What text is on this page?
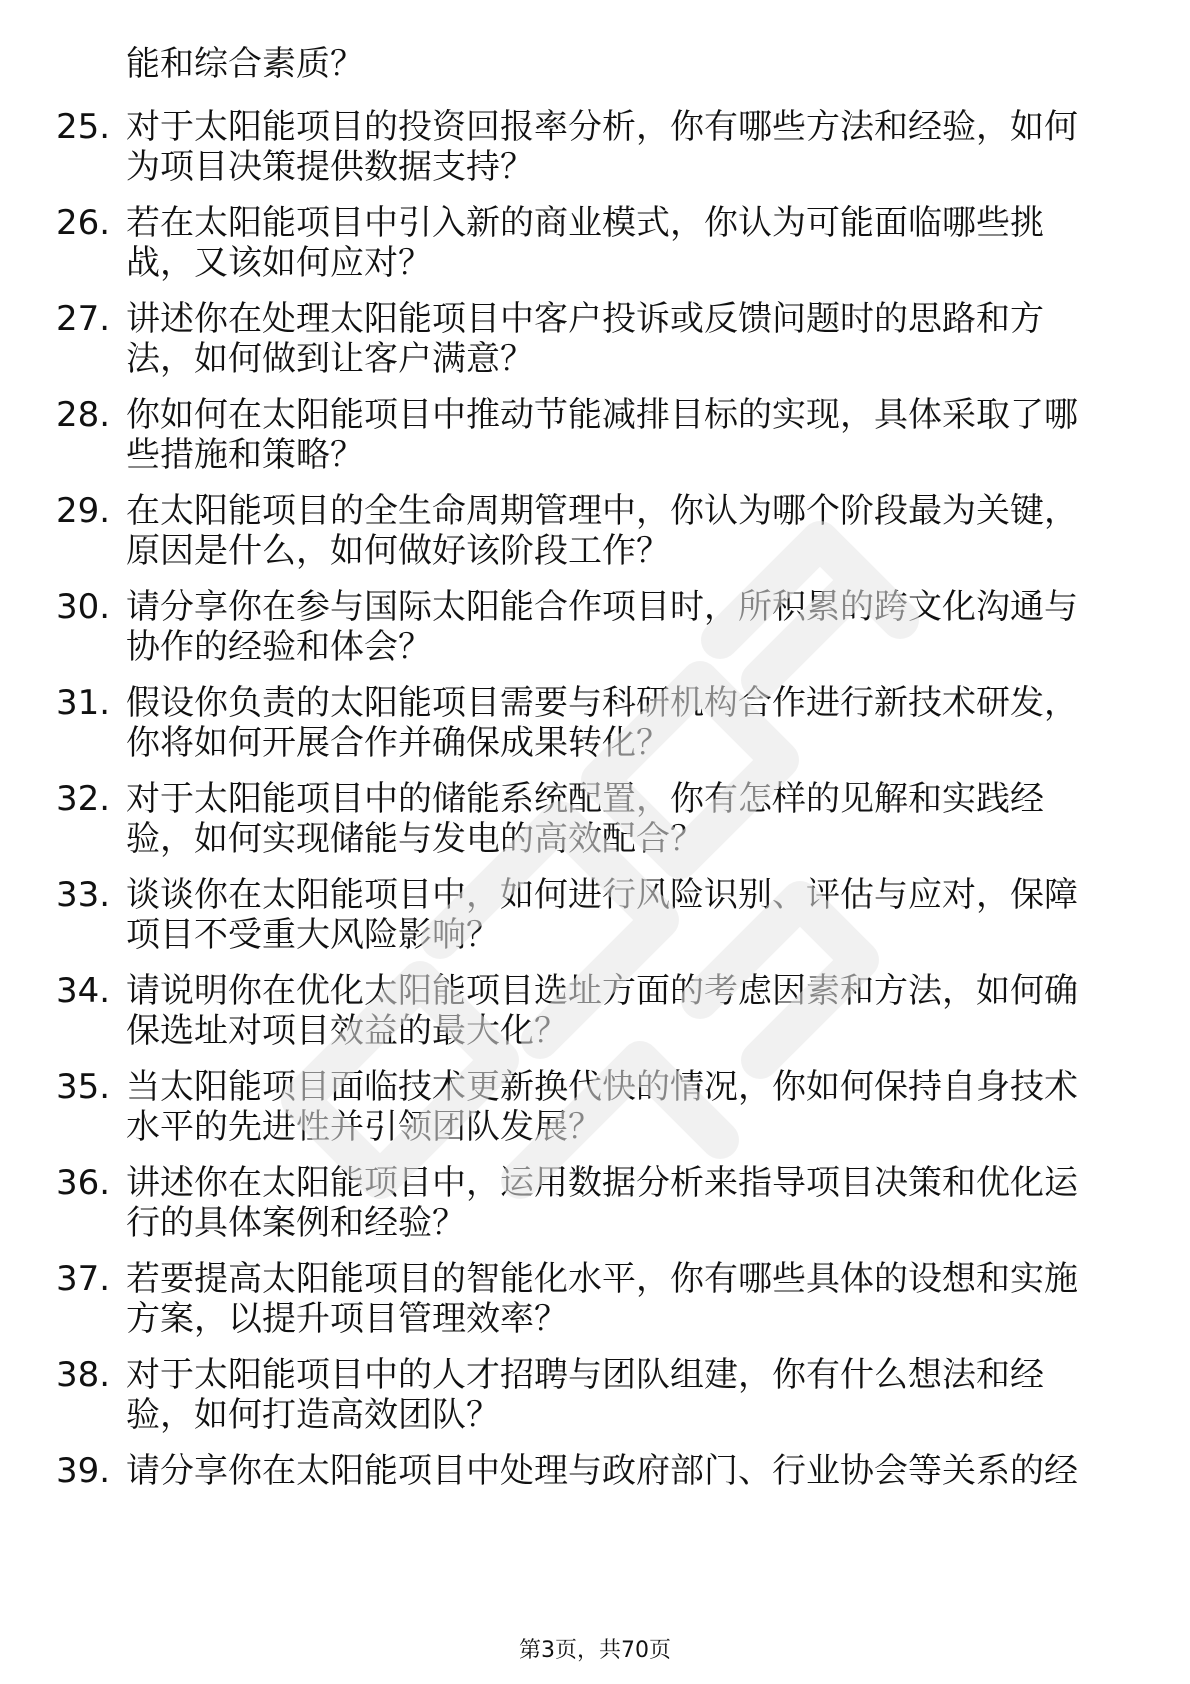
能和综合素质？
25. 对于太阳能项目的投资回报率分析，你有哪些方法和经验，如何
为项目决策提供数据支持？
26. 若在太阳能项目中引入新的商业模式，你认为可能面临哪些挑
战，又该如何应对？
27. 讲述你在处理太阳能项目中客户投诉或反馈问题时的思路和方
法，如何做到让客户满意？
28. 你如何在太阳能项目中推动节能减排目标的实现，具体采取了哪
些措施和策略？
29. 在太阳能项目的全生命周期管理中，你认为哪个阶段最为关键，
原因是什么，如何做好该阶段工作？
30. 请分享你在参与国际太阳能合作项目时，所积累的跨文化沟通与
协作的经验和体会？
31. 假设你负责的太阳能项目需要与科研机构合作进行新技术研发，
你将如何开展合作并确保成果转化？
32. 对于太阳能项目中的储能系统配置，你有怎样的见解和实践经
验，如何实现储能与发电的高效配合？
33. 谈谈你在太阳能项目中，如何进行风险识别、评估与应对，保障
项目不受重大风险影响？
34. 请说明你在优化太阳能项目选址方面的考虑因素和方法，如何确
保选址对项目效益的最大化？
35. 当太阳能项目面临技术更新换代快的情况，你如何保持自身技术
水平的先进性并引领团队发展？
36. 讲述你在太阳能项目中，运用数据分析来指导项目决策和优化运
行的具体案例和经验？
37. 若要提高太阳能项目的智能化水平，你有哪些具体的设想和实施
方案，以提升项目管理效率？
38. 对于太阳能项目中的人才招聘与团队组建，你有什么想法和经
验，如何打造高效团队？
39. 请分享你在太阳能项目中处理与政府部门、行业协会等关系的经
第3页，共70页
